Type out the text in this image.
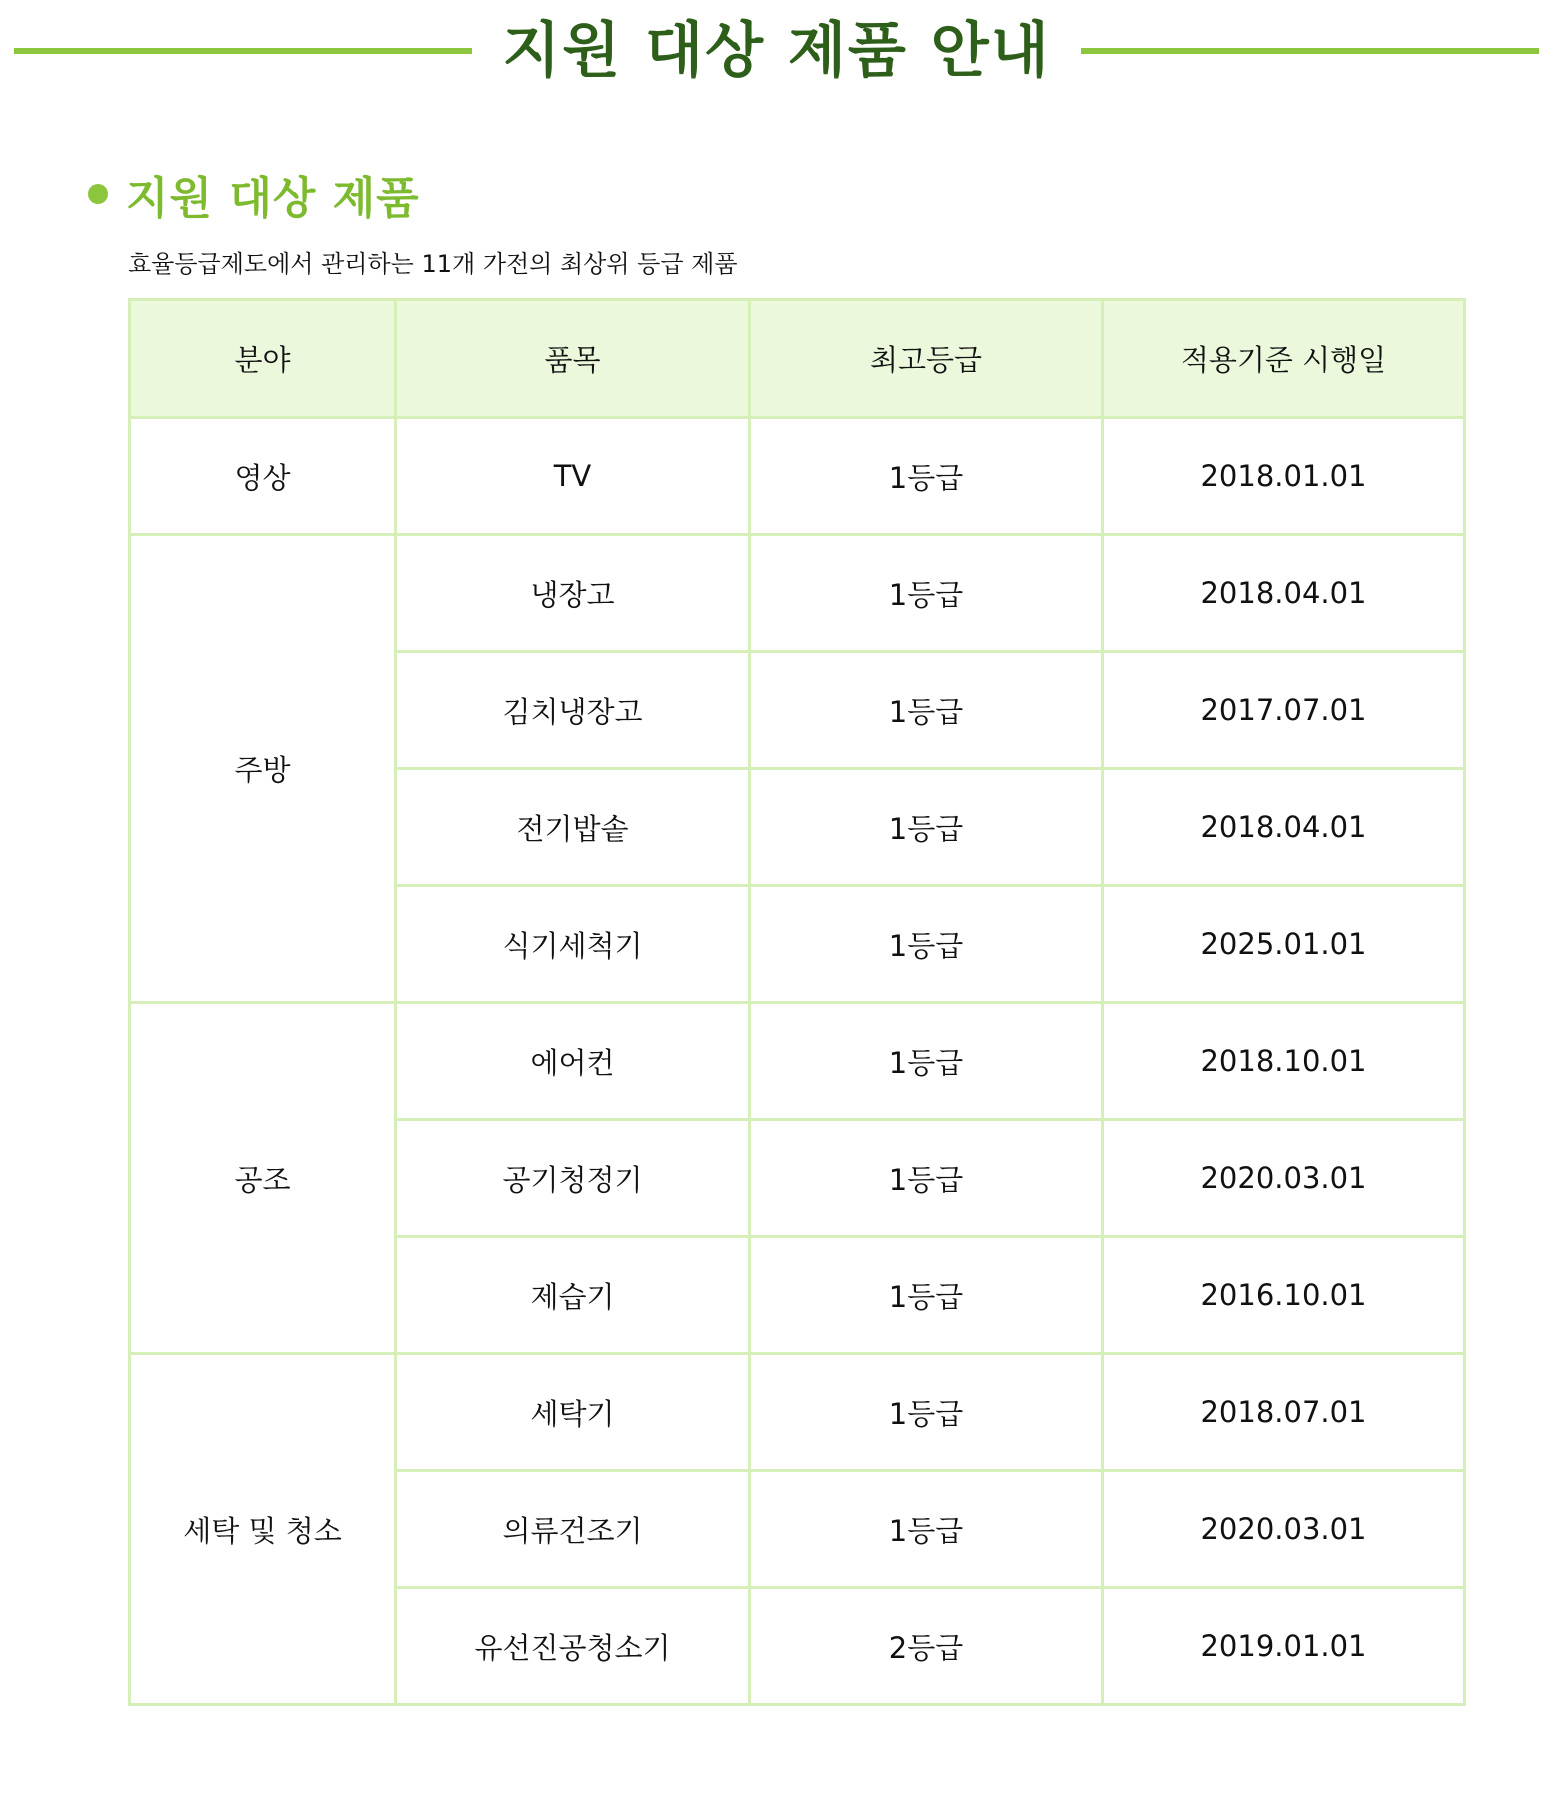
지원 대상 제품 안내
지원 대상 제품

효율등급제도에서 관리하는 11개 가전의 최상위 등급 제품

분야	품목	최고등급	적용기준 시행일
영상	TV	1등급	2018.01.01
주방	냉장고	1등급	2018.04.01
	김치냉장고	1등급	2017.07.01
	전기밥솥	1등급	2018.04.01
	식기세척기	1등급	2025.01.01
공조	에어컨	1등급	2018.10.01
	공기청정기	1등급	2020.03.01
	제습기	1등급	2016.10.01
세탁 및 청소	세탁기	1등급	2018.07.01
	의류건조기	1등급	2020.03.01
	유선진공청소기	2등급	2019.01.01
